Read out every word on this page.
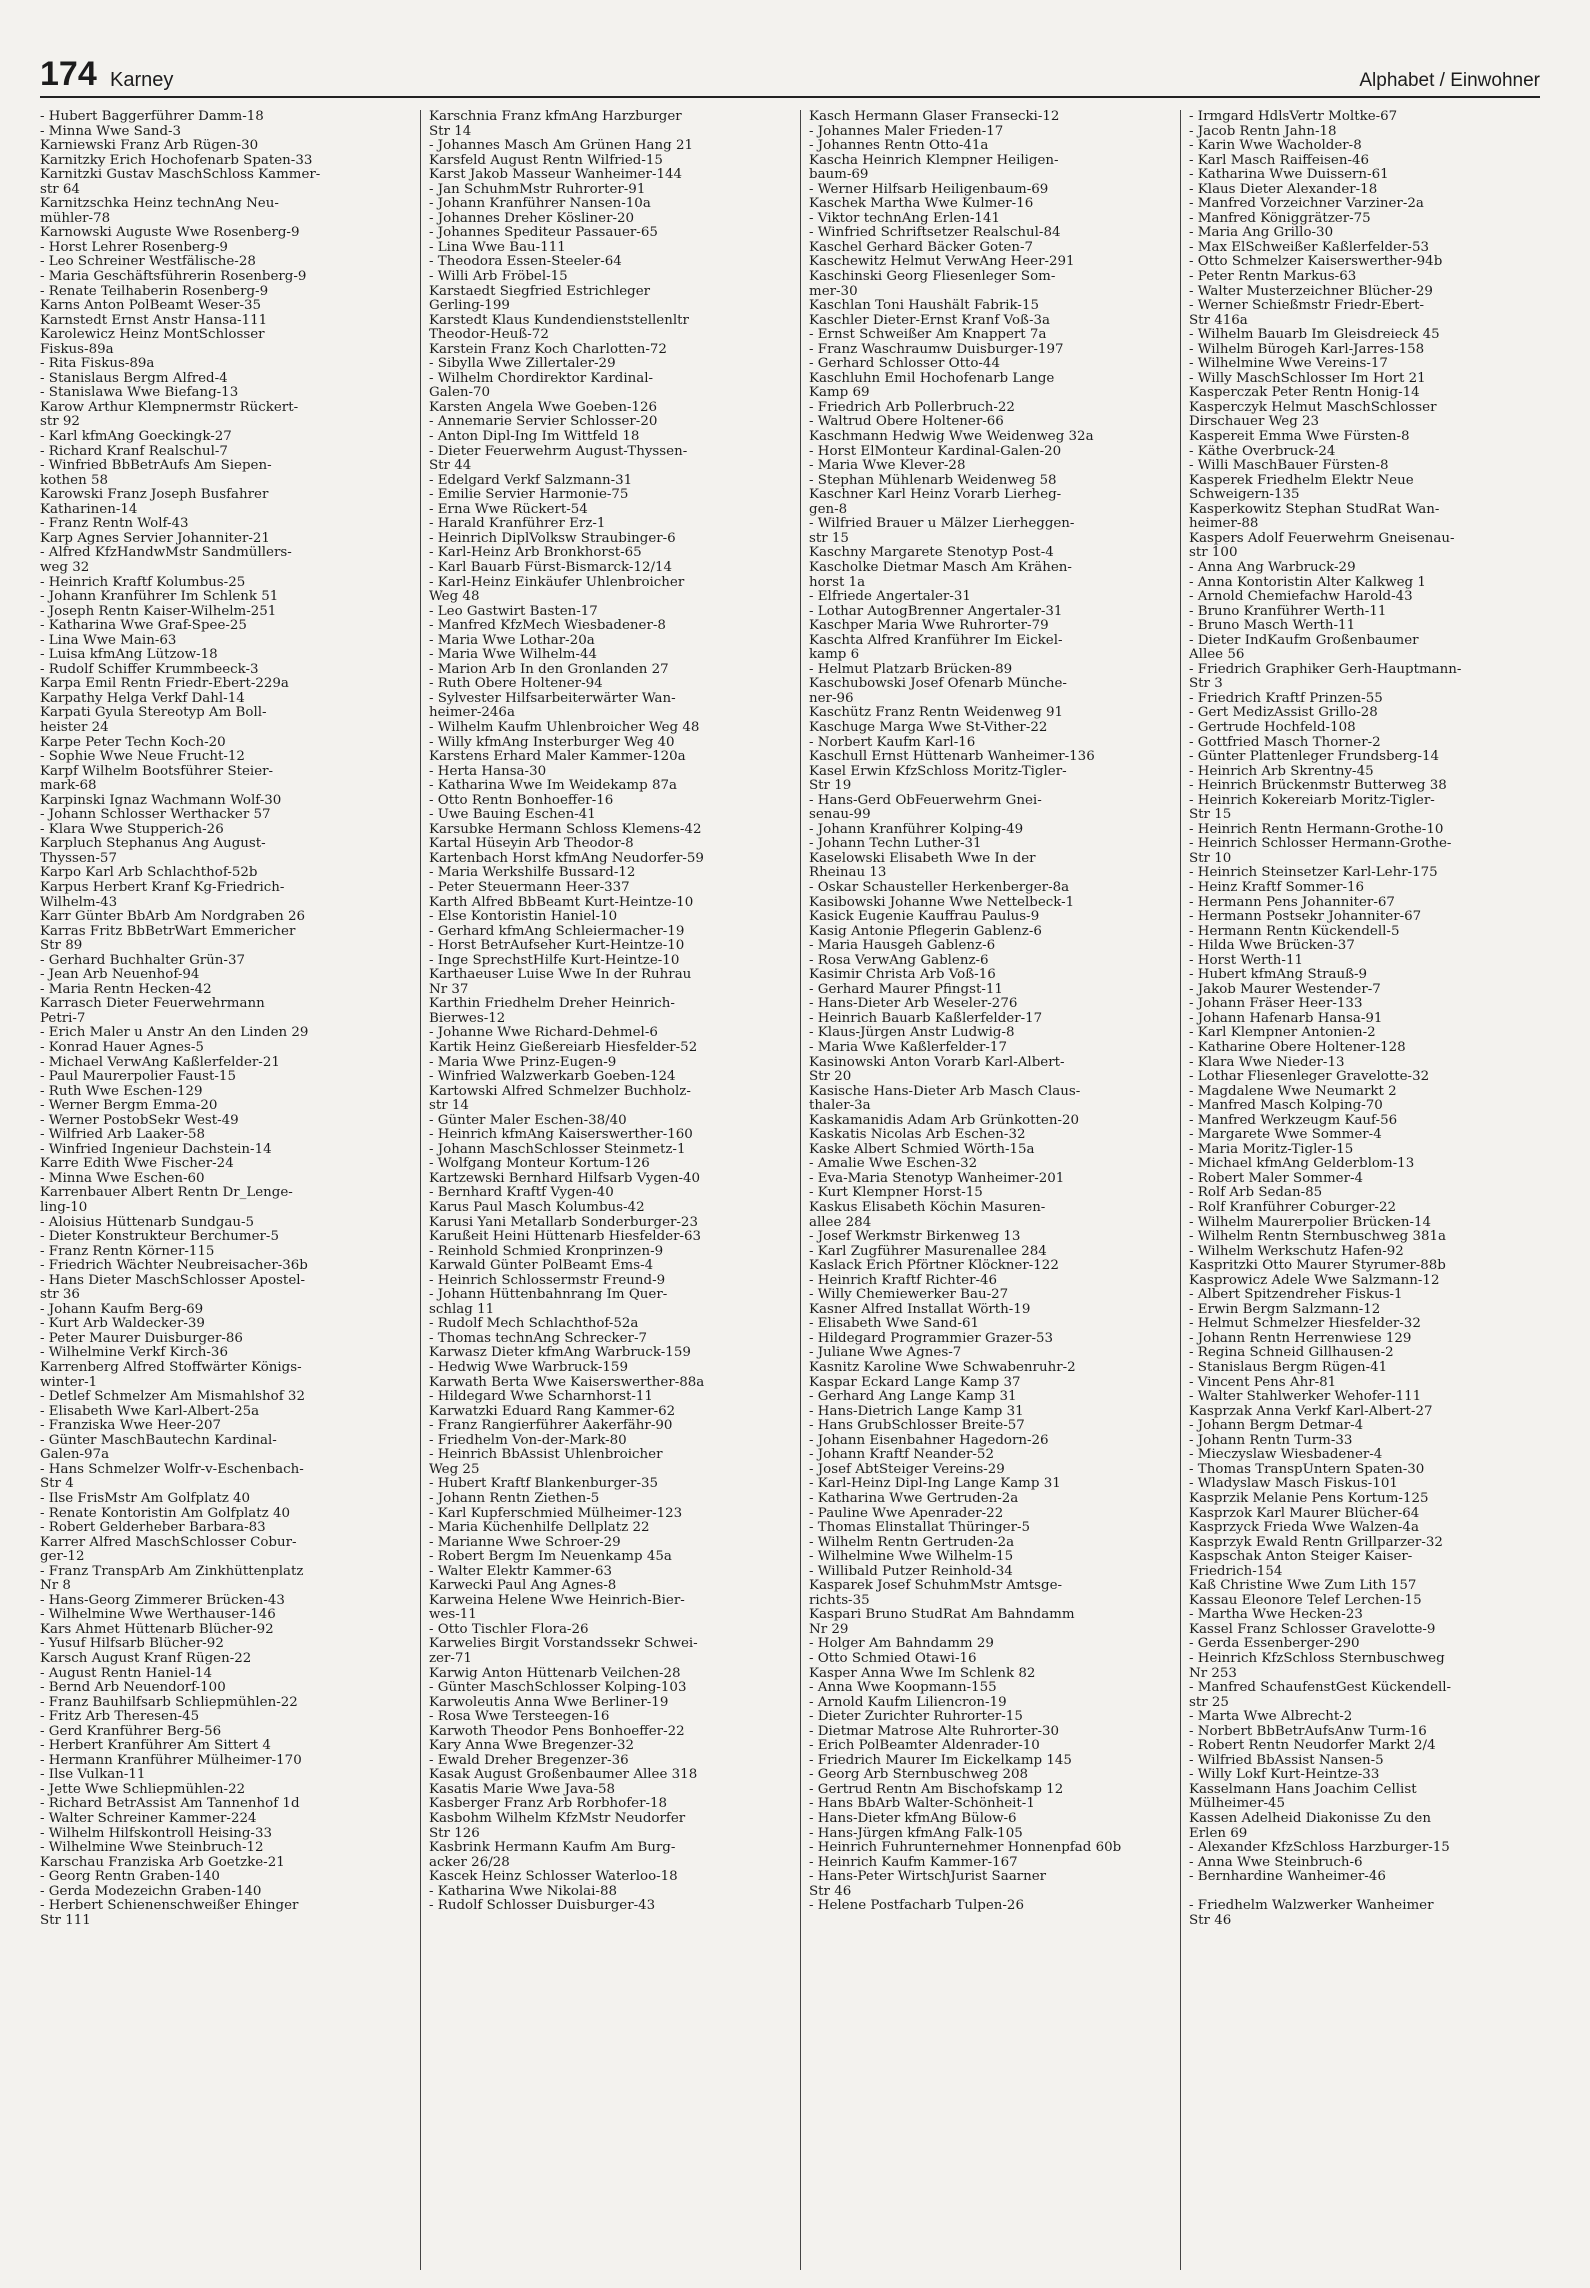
174 Karney	Alphabet / Einwohner
- Hubert Baggerführer Damm-18
- Minna Wwe Sand-3
Karniewski Franz Arb Rügen-30
Karnitzky Erich Hochofenarb Spaten-33
Karnitzki Gustav MaschSchloss Kammer-
str 64
Karnitzschka Heinz technAng Neu-
mühler-78
Karnowski Auguste Wwe Rosenberg-9
- Horst Lehrer Rosenberg-9
- Leo Schreiner Westfälische-28
- Maria Geschäftsführerin Rosenberg-9
- Renate Teilhaberin Rosenberg-9
Karns Anton PolBeamt Weser-35
Karnstedt Ernst Anstr Hansa-111
Karolewicz Heinz MontSchlosser
Fiskus-89a
- Rita Fiskus-89a
- Stanislaus Bergm Alfred-4
- Stanislawa Wwe Biefang-13
Karow Arthur Klempnermstr Rückert-
str 92
- Karl kfmAng Goeckingk-27
- Richard Kranf Realschul-7
- Winfried BbBetrAufs Am Siepen-
kothen 58
Karowski Franz Joseph Busfahrer
Katharinen-14
- Franz Rentn Wolf-43
Karp Agnes Servier Johanniter-21
- Alfred KfzHandwMstr Sandmüllers-
weg 32
- Heinrich Kraftf Kolumbus-25
- Johann Kranführer Im Schlenk 51
- Joseph Rentn Kaiser-Wilhelm-251
- Katharina Wwe Graf-Spee-25
- Lina Wwe Main-63
- Luisa kfmAng Lützow-18
- Rudolf Schiffer Krummbeeck-3
Karpa Emil Rentn Friedr-Ebert-229a
Karpathy Helga Verkf Dahl-14
Karpati Gyula Stereotyp Am Boll-
heister 24
Karpe Peter Techn Koch-20
- Sophie Wwe Neue Frucht-12
Karpf Wilhelm Bootsführer Steier-
mark-68
Karpinski Ignaz Wachmann Wolf-30
- Johann Schlosser Werthacker 57
- Klara Wwe Stupperich-26
Karpluch Stephanus Ang August-
Thyssen-57
Karpo Karl Arb Schlachthof-52b
Karpus Herbert Kranf Kg-Friedrich-
Wilhelm-43
Karr Günter BbArb Am Nordgraben 26
Karras Fritz BbBetrWart Emmericher
Str 89
- Gerhard Buchhalter Grün-37
- Jean Arb Neuenhof-94
- Maria Rentn Hecken-42
Karrasch Dieter Feuerwehrmann
Petri-7
- Erich Maler u Anstr An den Linden 29
- Konrad Hauer Agnes-5
- Michael VerwAng Kaßlerfelder-21
- Paul Maurerpolier Faust-15
- Ruth Wwe Eschen-129
- Werner Bergm Emma-20
- Werner PostobSekr West-49
- Wilfried Arb Laaker-58
- Winfried Ingenieur Dachstein-14
Karre Edith Wwe Fischer-24
- Minna Wwe Eschen-60
Karrenbauer Albert Rentn Dr_Lenge-
ling-10
- Aloisius Hüttenarb Sundgau-5
- Dieter Konstrukteur Berchumer-5
- Franz Rentn Körner-115
- Friedrich Wächter Neubreisacher-36b
- Hans Dieter MaschSchlosser Apostel-
str 36
- Johann Kaufm Berg-69
- Kurt Arb Waldecker-39
- Peter Maurer Duisburger-86
- Wilhelmine Verkf Kirch-36
Karrenberg Alfred Stoffwärter Königs-
winter-1
- Detlef Schmelzer Am Mismahlshof 32
- Elisabeth Wwe Karl-Albert-25a
- Franziska Wwe Heer-207
- Günter MaschBautechn Kardinal-
Galen-97a
- Hans Schmelzer Wolfr-v-Eschenbach-
Str 4
- Ilse FrisMstr Am Golfplatz 40
- Renate Kontoristin Am Golfplatz 40
- Robert Gelderheber Barbara-83
Karrer Alfred MaschSchlosser Cobur-
ger-12
- Franz TranspArb Am Zinkhüttenplatz
Nr 8
- Hans-Georg Zimmerer Brücken-43
- Wilhelmine Wwe Werthauser-146
Kars Ahmet Hüttenarb Blücher-92
- Yusuf Hilfsarb Blücher-92
Karsch August Kranf Rügen-22
- August Rentn Haniel-14
- Bernd Arb Neuendorf-100
- Franz Bauhilfsarb Schliepmühlen-22
- Fritz Arb Theresen-45
- Gerd Kranführer Berg-56
- Herbert Kranführer Am Sittert 4
- Hermann Kranführer Mülheimer-170
- Ilse Vulkan-11
- Jette Wwe Schliepmühlen-22
- Richard BetrAssist Am Tannenhof 1d
- Walter Schreiner Kammer-224
- Wilhelm Hilfskontroll Heising-33
- Wilhelmine Wwe Steinbruch-12
Karschau Franziska Arb Goetzke-21
- Georg Rentn Graben-140
- Gerda Modezeichn Graben-140
- Herbert Schienenschweißer Ehinger
Str 111
Karschnia Franz kfmAng Harzburger
Str 14
- Johannes Masch Am Grünen Hang 21
Karsfeld August Rentn Wilfried-15
Karst Jakob Masseur Wanheimer-144
- Jan SchuhmMstr Ruhrorter-91
- Johann Kranführer Nansen-10a
- Johannes Dreher Kösliner-20
- Johannes Spediteur Passauer-65
- Lina Wwe Bau-111
- Theodora Essen-Steeler-64
- Willi Arb Fröbel-15
Karstaedt Siegfried Estrichleger
Gerling-199
Karstedt Klaus Kundendienststellenltr
Theodor-Heuß-72
Karstein Franz Koch Charlotten-72
- Sibylla Wwe Zillertaler-29
- Wilhelm Chordirektor Kardinal-
Galen-70
Karsten Angela Wwe Goeben-126
- Annemarie Servier Schlosser-20
- Anton Dipl-Ing Im Wittfeld 18
- Dieter Feuerwehrm August-Thyssen-
Str 44
- Edelgard Verkf Salzmann-31
- Emilie Servier Harmonie-75
- Erna Wwe Rückert-54
- Harald Kranführer Erz-1
- Heinrich DiplVolksw Straubinger-6
- Karl-Heinz Arb Bronkhorst-65
- Karl Bauarb Fürst-Bismarck-12/14
- Karl-Heinz Einkäufer Uhlenbroicher
Weg 48
- Leo Gastwirt Basten-17
- Manfred KfzMech Wiesbadener-8
- Maria Wwe Lothar-20a
- Maria Wwe Wilhelm-44
- Marion Arb In den Gronlanden 27
- Ruth Obere Holtener-94
- Sylvester Hilfsarbeiterwärter Wan-
heimer-246a
- Wilhelm Kaufm Uhlenbroicher Weg 48
- Willy kfmAng Insterburger Weg 40
Karstens Erhard Maler Kammer-120a
- Herta Hansa-30
- Katharina Wwe Im Weidekamp 87a
- Otto Rentn Bonhoeffer-16
- Uwe Bauing Eschen-41
Karsubke Hermann Schloss Klemens-42
Kartal Hüseyin Arb Theodor-8
Kartenbach Horst kfmAng Neudorfer-59
- Maria Werkshilfe Bussard-12
- Peter Steuermann Heer-337
Karth Alfred BbBeamt Kurt-Heintze-10
- Else Kontoristin Haniel-10
- Gerhard kfmAng Schleiermacher-19
- Horst BetrAufseher Kurt-Heintze-10
- Inge SprechstHilfe Kurt-Heintze-10
Karthaeuser Luise Wwe In der Ruhrau
Nr 37
Karthin Friedhelm Dreher Heinrich-
Bierwes-12
- Johanne Wwe Richard-Dehmel-6
Kartik Heinz Gießereiarb Hiesfelder-52
- Maria Wwe Prinz-Eugen-9
- Winfried Walzwerkarb Goeben-124
Kartowski Alfred Schmelzer Buchholz-
str 14
- Günter Maler Eschen-38/40
- Heinrich kfmAng Kaiserswerther-160
- Johann MaschSchlosser Steinmetz-1
- Wolfgang Monteur Kortum-126
Kartzewski Bernhard Hilfsarb Vygen-40
- Bernhard Kraftf Vygen-40
Karus Paul Masch Kolumbus-42
Karusi Yani Metallarb Sonderburger-23
Karußeit Heini Hüttenarb Hiesfelder-63
- Reinhold Schmied Kronprinzen-9
Karwald Günter PolBeamt Ems-4
- Heinrich Schlossermstr Freund-9
- Johann Hüttenbahnrang Im Quer-
schlag 11
- Rudolf Mech Schlachthof-52a
- Thomas technAng Schrecker-7
Karwasz Dieter kfmAng Warbruck-159
- Hedwig Wwe Warbruck-159
Karwath Berta Wwe Kaiserswerther-88a
- Hildegard Wwe Scharnhorst-11
Karwatzki Eduard Rang Kammer-62
- Franz Rangierführer Aakerfähr-90
- Friedhelm Von-der-Mark-80
- Heinrich BbAssist Uhlenbroicher
Weg 25
- Hubert Kraftf Blankenburger-35
- Johann Rentn Ziethen-5
- Karl Kupferschmied Mülheimer-123
- Maria Küchenhilfe Dellplatz 22
- Marianne Wwe Schroer-29
- Robert Bergm Im Neuenkamp 45a
- Walter Elektr Kammer-63
Karwecki Paul Ang Agnes-8
Karweina Helene Wwe Heinrich-Bier-
wes-11
- Otto Tischler Flora-26
Karwelies Birgit Vorstandssekr Schwei-
zer-71
Karwig Anton Hüttenarb Veilchen-28
- Günter MaschSchlosser Kolping-103
Karwoleutis Anna Wwe Berliner-19
- Rosa Wwe Tersteegen-16
Karwoth Theodor Pens Bonhoeffer-22
Kary Anna Wwe Bregenzer-32
- Ewald Dreher Bregenzer-36
Kasak August Großenbaumer Allee 318
Kasatis Marie Wwe Java-58
Kasberger Franz Arb Rorbhofer-18
Kasbohm Wilhelm KfzMstr Neudorfer
Str 126
Kasbrink Hermann Kaufm Am Burg-
acker 26/28
Kascek Heinz Schlosser Waterloo-18
- Katharina Wwe Nikolai-88
- Rudolf Schlosser Duisburger-43
Kasch Hermann Glaser Fransecki-12
- Johannes Maler Frieden-17
- Johannes Rentn Otto-41a
Kascha Heinrich Klempner Heiligen-
baum-69
- Werner Hilfsarb Heiligenbaum-69
Kaschek Martha Wwe Kulmer-16
- Viktor technAng Erlen-141
- Winfried Schriftsetzer Realschul-84
Kaschel Gerhard Bäcker Goten-7
Kaschewitz Helmut VerwAng Heer-291
Kaschinski Georg Fliesenleger Som-
mer-30
Kaschlan Toni Haushält Fabrik-15
Kaschler Dieter-Ernst Kranf Voß-3a
- Ernst Schweißer Am Knappert 7a
- Franz Waschraumw Duisburger-197
- Gerhard Schlosser Otto-44
Kaschluhn Emil Hochofenarb Lange
Kamp 69
- Friedrich Arb Pollerbruch-22
- Waltrud Obere Holtener-66
Kaschmann Hedwig Wwe Weidenweg 32a
- Horst ElMonteur Kardinal-Galen-20
- Maria Wwe Klever-28
- Stephan Mühlenarb Weidenweg 58
Kaschner Karl Heinz Vorarb Lierheg-
gen-8
- Wilfried Brauer u Mälzer Lierheggen-
str 15
Kaschny Margarete Stenotyp Post-4
Kascholke Dietmar Masch Am Krähen-
horst 1a
- Elfriede Angertaler-31
- Lothar AutogBrenner Angertaler-31
Kaschper Maria Wwe Ruhrorter-79
Kaschta Alfred Kranführer Im Eickel-
kamp 6
- Helmut Platzarb Brücken-89
Kaschubowski Josef Ofenarb Münche-
ner-96
Kaschütz Franz Rentn Weidenweg 91
Kaschuge Marga Wwe St-Vither-22
- Norbert Kaufm Karl-16
Kaschull Ernst Hüttenarb Wanheimer-136
Kasel Erwin KfzSchloss Moritz-Tigler-
Str 19
- Hans-Gerd ObFeuerwehrm Gnei-
senau-99
- Johann Kranführer Kolping-49
- Johann Techn Luther-31
Kaselowski Elisabeth Wwe In der
Rheinau 13
- Oskar Schausteller Herkenberger-8a
Kasibowski Johanne Wwe Nettelbeck-1
Kasick Eugenie Kauffrau Paulus-9
Kasig Antonie Pflegerin Gablenz-6
- Maria Hausgeh Gablenz-6
- Rosa VerwAng Gablenz-6
Kasimir Christa Arb Voß-16
- Gerhard Maurer Pfingst-11
- Hans-Dieter Arb Weseler-276
- Heinrich Bauarb Kaßlerfelder-17
- Klaus-Jürgen Anstr Ludwig-8
- Maria Wwe Kaßlerfelder-17
Kasinowski Anton Vorarb Karl-Albert-
Str 20
Kasische Hans-Dieter Arb Masch Claus-
thaler-3a
Kaskamanidis Adam Arb Grünkotten-20
Kaskatis Nicolas Arb Eschen-32
Kaske Albert Schmied Wörth-15a
- Amalie Wwe Eschen-32
- Eva-Maria Stenotyp Wanheimer-201
- Kurt Klempner Horst-15
Kaskus Elisabeth Köchin Masuren-
allee 284
- Josef Werkmstr Birkenweg 13
- Karl Zugführer Masurenallee 284
Kaslack Erich Pförtner Klöckner-122
- Heinrich Kraftf Richter-46
- Willy Chemiewerker Bau-27
Kasner Alfred Installat Wörth-19
- Elisabeth Wwe Sand-61
- Hildegard Programmier Grazer-53
- Juliane Wwe Agnes-7
Kasnitz Karoline Wwe Schwabenruhr-2
Kaspar Eckard Lange Kamp 37
- Gerhard Ang Lange Kamp 31
- Hans-Dietrich Lange Kamp 31
- Hans GrubSchlosser Breite-57
- Johann Eisenbahner Hagedorn-26
- Johann Kraftf Neander-52
- Josef AbtSteiger Vereins-29
- Karl-Heinz Dipl-Ing Lange Kamp 31
- Katharina Wwe Gertruden-2a
- Pauline Wwe Apenrader-22
- Thomas Elinstallat Thüringer-5
- Wilhelm Rentn Gertruden-2a
- Wilhelmine Wwe Wilhelm-15
- Willibald Putzer Reinhold-34
Kasparek Josef SchuhmMstr Amtsge-
richts-35
Kaspari Bruno StudRat Am Bahndamm
Nr 29
- Holger Am Bahndamm 29
- Otto Schmied Otawi-16
Kasper Anna Wwe Im Schlenk 82
- Anna Wwe Koopmann-155
- Arnold Kaufm Liliencron-19
- Dieter Zurichter Ruhrorter-15
- Dietmar Matrose Alte Ruhrorter-30
- Erich PolBeamter Aldenrader-10
- Friedrich Maurer Im Eickelkamp 145
- Georg Arb Sternbuschweg 208
- Gertrud Rentn Am Bischofskamp 12
- Hans BbArb Walter-Schönheit-1
- Hans-Dieter kfmAng Bülow-6
- Hans-Jürgen kfmAng Falk-105
- Heinrich Fuhrunternehmer Honnenpfad 60b
- Heinrich Kaufm Kammer-167
- Hans-Peter WirtschJurist Saarner
Str 46
- Helene Postfacharb Tulpen-26
- Irmgard HdlsVertr Moltke-67
- Jacob Rentn Jahn-18
- Karin Wwe Wacholder-8
- Karl Masch Raiffeisen-46
- Katharina Wwe Duissern-61
- Klaus Dieter Alexander-18
- Manfred Vorzeichner Varziner-2a
- Manfred Königgrätzer-75
- Maria Ang Grillo-30
- Max ElSchweißer Kaßlerfelder-53
- Otto Schmelzer Kaiserswerther-94b
- Peter Rentn Markus-63
- Walter Musterzeichner Blücher-29
- Werner Schießmstr Friedr-Ebert-
Str 416a
- Wilhelm Bauarb Im Gleisdreieck 45
- Wilhelm Bürogeh Karl-Jarres-158
- Wilhelmine Wwe Vereins-17
- Willy MaschSchlosser Im Hort 21
Kasperczak Peter Rentn Honig-14
Kasperczyk Helmut MaschSchlosser
Dirschauer Weg 23
Kaspereit Emma Wwe Fürsten-8
- Käthe Overbruck-24
- Willi MaschBauer Fürsten-8
Kasperek Friedhelm Elektr Neue
Schweigern-135
Kasperkowitz Stephan StudRat Wan-
heimer-88
Kaspers Adolf Feuerwehrm Gneisenau-
str 100
- Anna Ang Warbruck-29
- Anna Kontoristin Alter Kalkweg 1
- Arnold Chemiefachw Harold-43
- Bruno Kranführer Werth-11
- Bruno Masch Werth-11
- Dieter IndKaufm Großenbaumer
Allee 56
- Friedrich Graphiker Gerh-Hauptmann-
Str 3
- Friedrich Kraftf Prinzen-55
- Gert MedizAssist Grillo-28
- Gertrude Hochfeld-108
- Gottfried Masch Thorner-2
- Günter Plattenleger Frundsberg-14
- Heinrich Arb Skrentny-45
- Heinrich Brückenmstr Butterweg 38
- Heinrich Kokereiarb Moritz-Tigler-
Str 15
- Heinrich Rentn Hermann-Grothe-10
- Heinrich Schlosser Hermann-Grothe-
Str 10
- Heinrich Steinsetzer Karl-Lehr-175
- Heinz Kraftf Sommer-16
- Hermann Pens Johanniter-67
- Hermann Postsekr Johanniter-67
- Hermann Rentn Kückendell-5
- Hilda Wwe Brücken-37
- Horst Werth-11
- Hubert kfmAng Strauß-9
- Jakob Maurer Westender-7
- Johann Fräser Heer-133
- Johann Hafenarb Hansa-91
- Karl Klempner Antonien-2
- Katharine Obere Holtener-128
- Klara Wwe Nieder-13
- Lothar Fliesenleger Gravelotte-32
- Magdalene Wwe Neumarkt 2
- Manfred Masch Kolping-70
- Manfred Werkzeugm Kauf-56
- Margarete Wwe Sommer-4
- Maria Moritz-Tigler-15
- Michael kfmAng Gelderblom-13
- Robert Maler Sommer-4
- Rolf Arb Sedan-85
- Rolf Kranführer Coburger-22
- Wilhelm Maurerpolier Brücken-14
- Wilhelm Rentn Sternbuschweg 381a
- Wilhelm Werkschutz Hafen-92
Kaspritzki Otto Maurer Styrumer-88b
Kasprowicz Adele Wwe Salzmann-12
- Albert Spitzendreher Fiskus-1
- Erwin Bergm Salzmann-12
- Helmut Schmelzer Hiesfelder-32
- Johann Rentn Herrenwiese 129
- Regina Schneid Gillhausen-2
- Stanislaus Bergm Rügen-41
- Vincent Pens Ahr-81
- Walter Stahlwerker Wehofer-111
Kasprzak Anna Verkf Karl-Albert-27
- Johann Bergm Detmar-4
- Johann Rentn Turm-33
- Mieczyslaw Wiesbadener-4
- Thomas TranspUntern Spaten-30
- Wladyslaw Masch Fiskus-101
Kasprzik Melanie Pens Kortum-125
Kasprzok Karl Maurer Blücher-64
Kasprzyck Frieda Wwe Walzen-4a
Kasprzyk Ewald Rentn Grillparzer-32
Kaspschak Anton Steiger Kaiser-
Friedrich-154
Kaß Christine Wwe Zum Lith 157
Kassau Eleonore Telef Lerchen-15
- Martha Wwe Hecken-23
Kassel Franz Schlosser Gravelotte-9
- Gerda Essenberger-290
- Heinrich KfzSchloss Sternbuschweg
Nr 253
- Manfred SchaufenstGest Kückendell-
str 25
- Marta Wwe Albrecht-2
- Norbert BbBetrAufsAnw Turm-16
- Robert Rentn Neudorfer Markt 2/4
- Wilfried BbAssist Nansen-5
- Willy Lokf Kurt-Heintze-33
Kasselmann Hans Joachim Cellist
Mülheimer-45
Kassen Adelheid Diakonisse Zu den
Erlen 69
- Alexander KfzSchloss Harzburger-15
- Anna Wwe Steinbruch-6
- Bernhardine Wanheimer-46

- Friedhelm Walzwerker Wanheimer
Str 46
